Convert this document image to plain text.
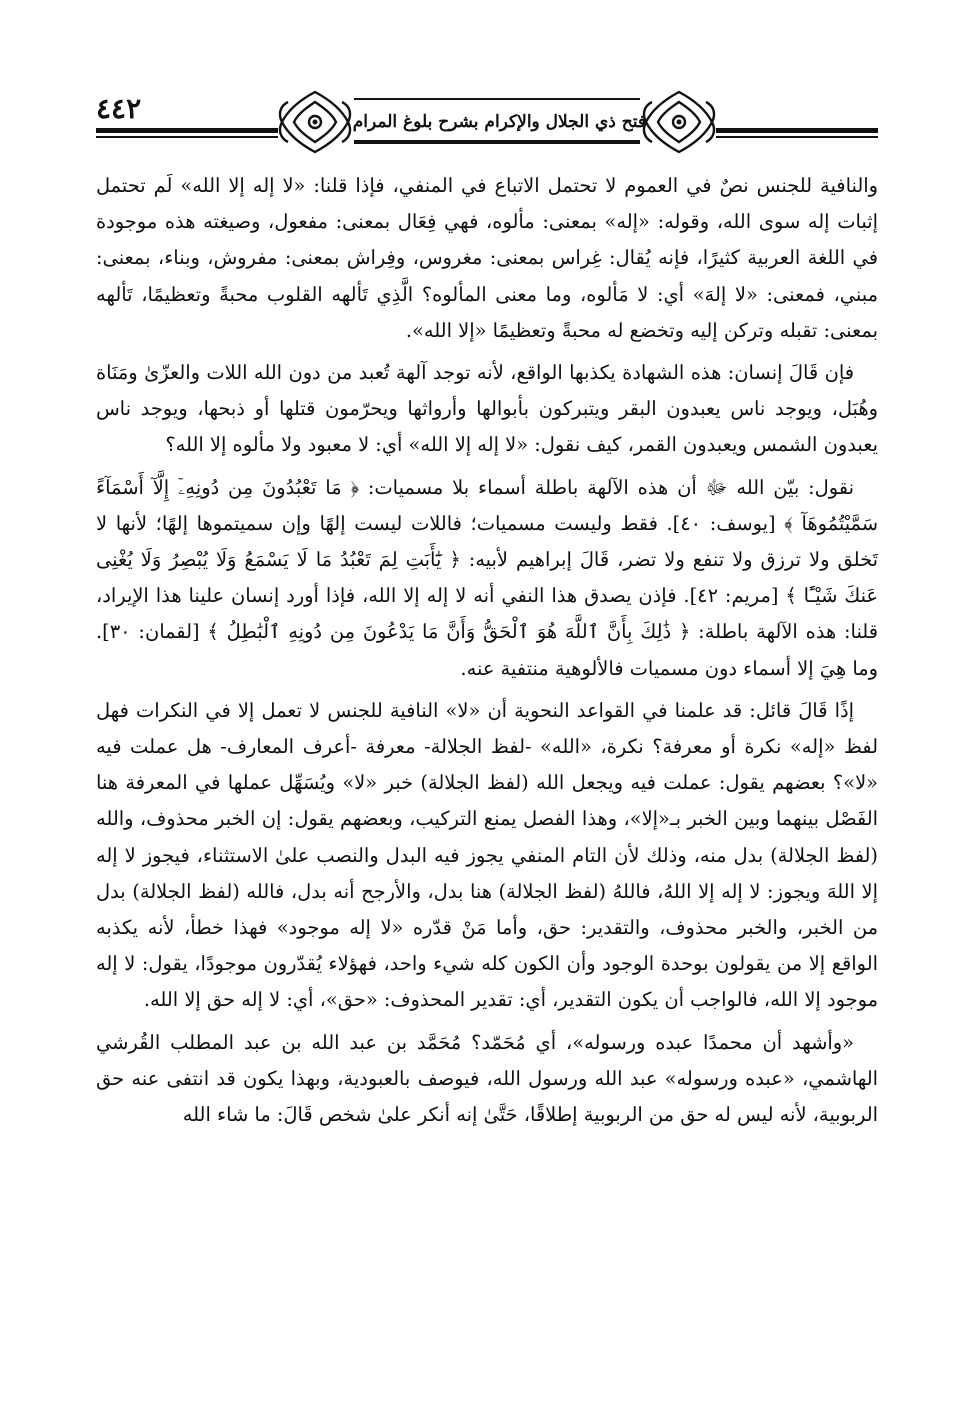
٤٤٢	فتح ذي الجلال والإكرام بشرح بلوغ المرام

والنافية للجنس نصٌ في العموم لا تحتمل الاتباع في المنفي، فإذا قلنا: «لا إله إلا الله» لَم تحتمل إثبات إله سوى الله، وقوله: «إله» بمعنى: مألوه، فهي فِعَال بمعنى: مفعول، وصيغته هذه موجودة في اللغة العربية كثيرًا، فإنه يُقال: غِراس بمعنى: مغروس، وفِراش بمعنى: مفروش، وبناء، بمعنى: مبني، فمعنى: «لا إلهَ» أي: لا مَألوه، وما معنى المألوه؟ الَّذِي تَألهه القلوب محبةً وتعظيمًا، تَألهه بمعنى: تقبله وتركن إليه وتخضع له محبةً وتعظيمًا «إلا الله».

فإن قَالَ إنسان: هذه الشهادة يكذبها الواقع، لأنه توجد آلهة تُعبد من دون الله اللات والعزّىٰ ومَنَاة وهُبَل، ويوجد ناس يعبدون البقر ويتبركون بأبوالها وأرواثها ويحرّمون قتلها أو ذبحها، ويوجد ناس يعبدون الشمس ويعبدون القمر، كيف نقول: «لا إله إلا الله» أي: لا معبود ولا مألوه إلا الله؟

نقول: بيّن الله ﷻ أن هذه الآلهة باطلة أسماء بلا مسميات: ﴿ مَا تَعْبُدُونَ مِن دُونِهِۦٓ إِلَّآ أَسْمَآءً سَمَّيْتُمُوهَآ ﴾ [يوسف: ٤٠]. فقط وليست مسميات؛ فاللات ليست إلهًا وإن سميتموها إلهًا؛ لأنها لا تَخلق ولا ترزق ولا تنفع ولا تضر، قَالَ إبراهيم لأبيه: ﴿ يَٰٓأَبَتِ لِمَ تَعْبُدُ مَا لَا يَسْمَعُ وَلَا يُبْصِرُ وَلَا يُغْنِى عَنكَ شَيْـًٔا ﴾ [مريم: ٤٢]. فإذن يصدق هذا النفي أنه لا إله إلا الله، فإذا أورد إنسان علينا هذا الإيراد، قلنا: هذه الآلهة باطلة: ﴿ ذَٰلِكَ بِأَنَّ ٱللَّهَ هُوَ ٱلْحَقُّ وَأَنَّ مَا يَدْعُونَ مِن دُونِهِ ٱلْبَٰطِلُ ﴾ [لقمان: ٣٠]. وما هِيَ إلا أسماء دون مسميات فالألوهية منتفية عنه.

إذًا قَالَ قائل: قد علمنا في القواعد النحوية أن «لا» النافية للجنس لا تعمل إلا في النكرات فهل لفظ «إله» نكرة أو معرفة؟ نكرة، «الله» -لفظ الجلالة- معرفة -أعرف المعارف- هل عملت فيه «لا»؟ بعضهم يقول: عملت فيه ويجعل الله (لفظ الجلالة) خبر «لا» ويُسَهِّل عملها في المعرفة هنا الفَصْل بينهما وبين الخبر بـ«إلا»، وهذا الفصل يمنع التركيب، وبعضهم يقول: إن الخبر محذوف، والله (لفظ الجلالة) بدل منه، وذلك لأن التام المنفي يجوز فيه البدل والنصب علىٰ الاستثناء، فيجوز لا إله إلا اللهَ ويجوز: لا إله إلا اللهُ، فاللهُ (لفظ الجلالة) هنا بدل، والأرجح أنه بدل، فالله (لفظ الجلالة) بدل من الخبر، والخبر محذوف، والتقدير: حق، وأما مَنْ قدّره «لا إله موجود» فهذا خطأ، لأنه يكذبه الواقع إلا من يقولون بوحدة الوجود وأن الكون كله شيء واحد، فهؤلاء يُقدّرون موجودًا، يقول: لا إله موجود إلا الله، فالواجب أن يكون التقدير، أي: تقدير المحذوف: «حق»، أي: لا إله حق إلا الله.

«وأشهد أن محمدًا عبده ورسوله»، أي مُحَمّد؟ مُحَمَّد بن عبد الله بن عبد المطلب القُرشي الهاشمي، «عبده ورسوله» عبد الله ورسول الله، فيوصف بالعبودية، وبهذا يكون قد انتفى عنه حق الربوبية، لأنه ليس له حق من الربوبية إطلاقًا، حَتَّىٰ إنه أنكر علىٰ شخص قَالَ: ما شاء الله
